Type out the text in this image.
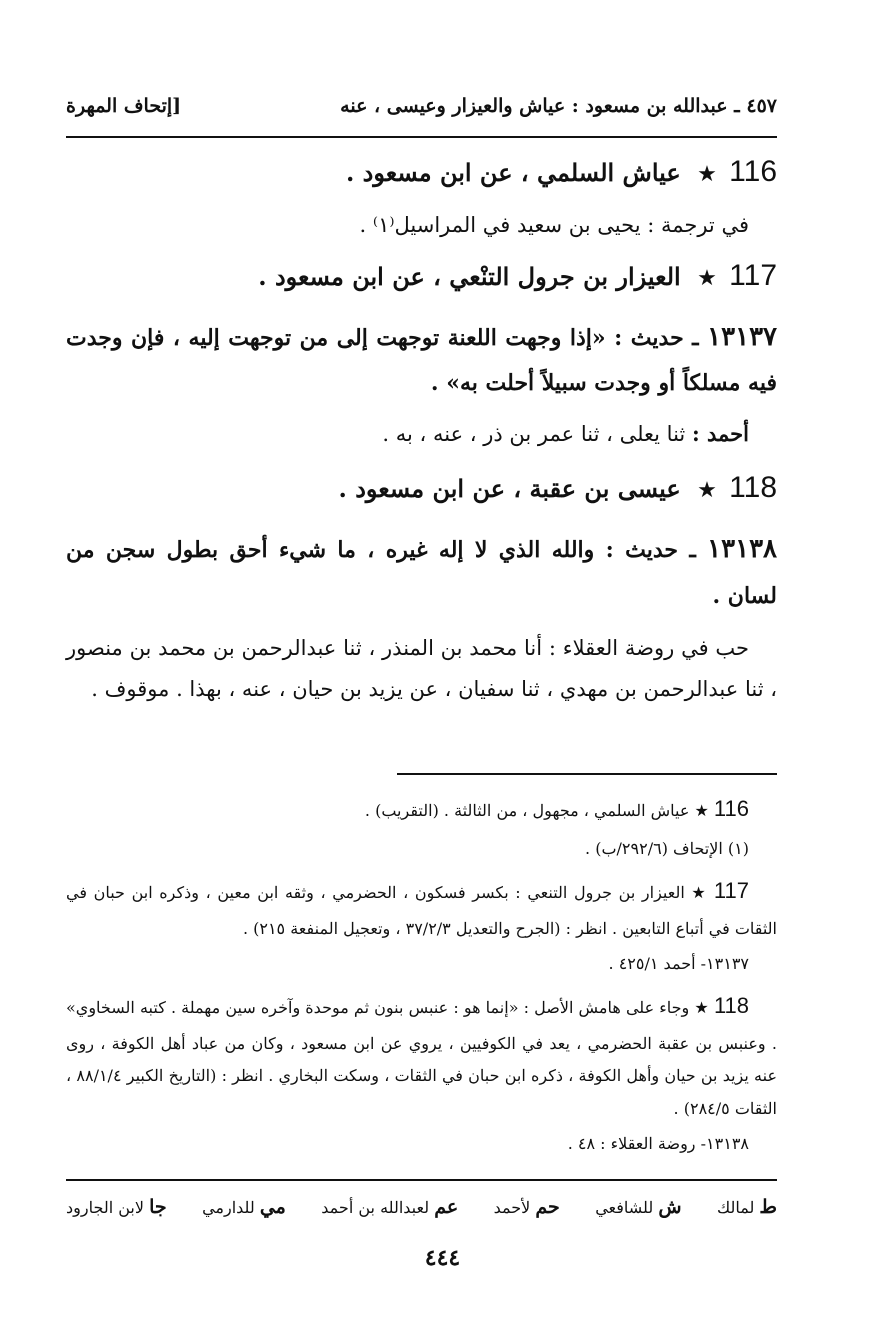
٤٥٧ ـ عبدالله بن مسعود : عياش والعيزار وعيسى ، عنه
[إتحاف المهرة

116 ★ عياش السلمي ، عن ابن مسعود .

في ترجمة : يحيى بن سعيد في المراسيل⁽١⁾ .

117 ★ العيزار بن جرول التنْعي ، عن ابن مسعود .

١٣١٣٧ ـ حديث : «إذا وجهت اللعنة توجهت إلى من توجهت إليه ، فإن وجدت فيه مسلكاً أو وجدت سبيلاً أحلت به» .

أحمد : ثنا يعلى ، ثنا عمر بن ذر ، عنه ، به .

118 ★ عيسى بن عقبة ، عن ابن مسعود .

١٣١٣٨ ـ حديث : والله الذي لا إله غيره ، ما شيء أحق بطول سجن من لسان .

حب في روضة العقلاء : أنا محمد بن المنذر ، ثنا عبدالرحمن بن محمد بن منصور ، ثنا عبدالرحمن بن مهدي ، ثنا سفيان ، عن يزيد بن حيان ، عنه ، بهذا . موقوف .

116 ★ عياش السلمي ، مجهول ، من الثالثة . (التقريب) .

(١) الإتحاف (٢٩٢/٦/ب) .

117 ★ العيزار بن جرول التنعي : بكسر فسكون ، الحضرمي ، وثقه ابن معين ، وذكره ابن حبان في الثقات في أتباع التابعين . انظر : (الجرح والتعديل ٣٧/٢/٣ ، وتعجيل المنفعة ٢١٥) .

١٣١٣٧- أحمد ٤٢٥/١ .

118 ★ وجاء على هامش الأصل : «إنما هو : عنبس بنون ثم موحدة وآخره سين مهملة . كتبه السخاوي» . وعنبس بن عقبة الحضرمي ، يعد في الكوفيين ، يروي عن ابن مسعود ، وكان من عباد أهل الكوفة ، روى عنه يزيد بن حيان وأهل الكوفة ، ذكره ابن حبان في الثقات ، وسكت البخاري . انظر : (التاريخ الكبير ٨٨/١/٤ ، الثقات ٢٨٤/٥) .

١٣١٣٨- روضة العقلاء : ٤٨ .

ط لمالك
ش للشافعي
حم لأحمد
عم لعبدالله بن أحمد
مي للدارمي
جا لابن الجارود
٤٤٤
